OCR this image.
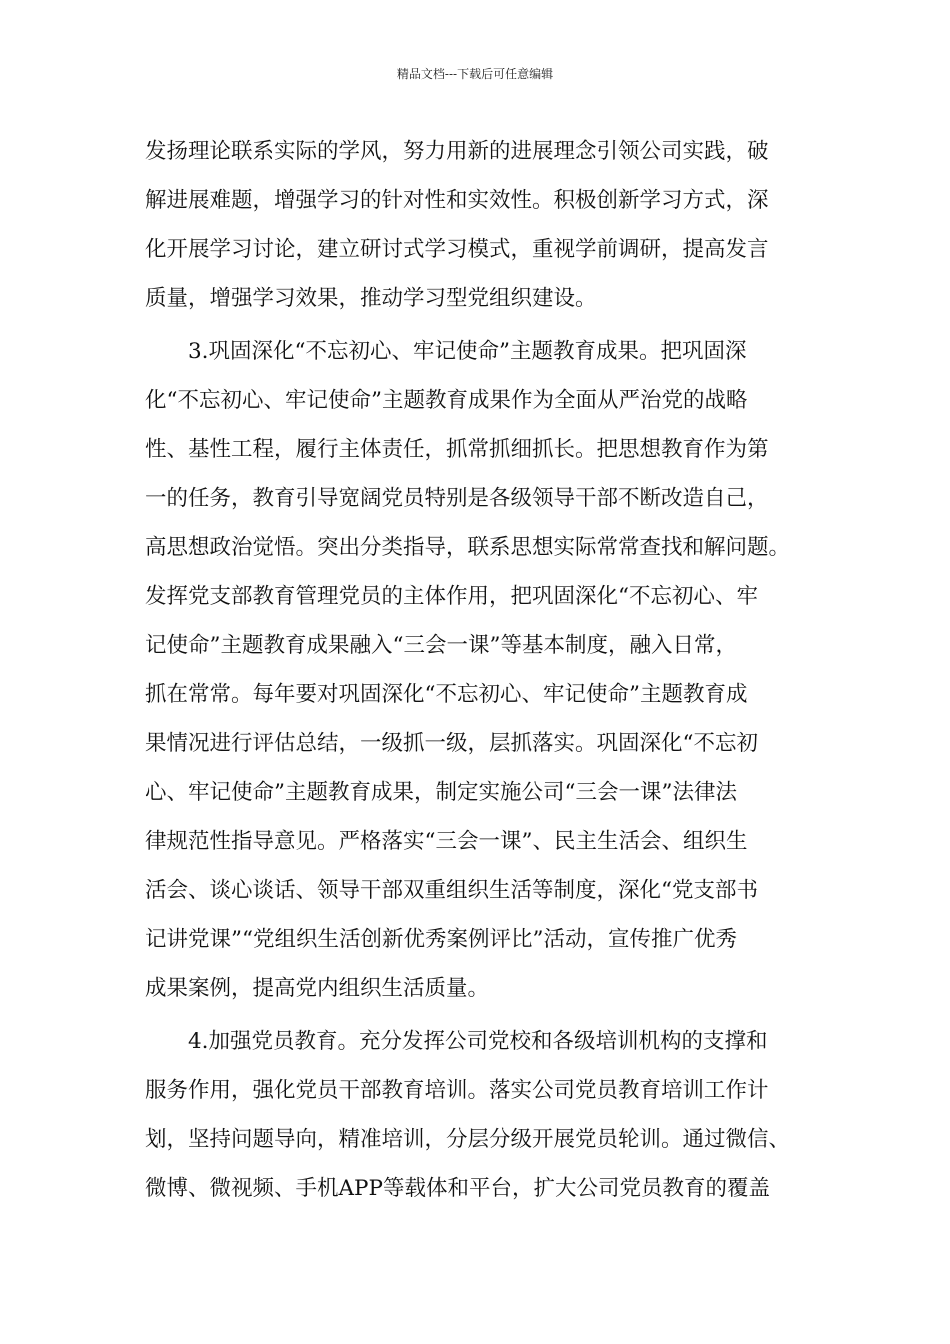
精品文档---下载后可任意编辑
发扬理论联系实际的学风，努力用新的进展理念引领公司实践，破
解进展难题，增强学习的针对性和实效性。积极创新学习方式，深
化开展学习讨论，建立研讨式学习模式，重视学前调研，提高发言
质量，增强学习效果，推动学习型党组织建设。
3.巩固深化“不忘初心、牢记使命”主题教育成果。把巩固深
化“不忘初心、牢记使命”主题教育成果作为全面从严治党的战略
性、基性工程，履行主体责任，抓常抓细抓长。把思想教育作为第
一的任务，教育引导宽阔党员特别是各级领导干部不断改造自己，
高思想政治觉悟。突出分类指导，联系思想实际常常查找和解问题。
发挥党支部教育管理党员的主体作用，把巩固深化“不忘初心、牢
记使命”主题教育成果融入“三会一课”等基本制度，融入日常，
抓在常常。每年要对巩固深化“不忘初心、牢记使命”主题教育成
果情况进行评估总结，一级抓一级，层抓落实。巩固深化“不忘初
心、牢记使命”主题教育成果，制定实施公司“三会一课”法律法
律规范性指导意见。严格落实“三会一课”、民主生活会、组织生
活会、谈心谈话、领导干部双重组织生活等制度，深化“党支部书
记讲党课”“党组织生活创新优秀案例评比”活动，宣传推广优秀
成果案例，提高党内组织生活质量。
4.加强党员教育。充分发挥公司党校和各级培训机构的支撑和
服务作用，强化党员干部教育培训。落实公司党员教育培训工作计
划，坚持问题导向，精准培训，分层分级开展党员轮训。通过微信、
微博、微视频、手机APP等载体和平台，扩大公司党员教育的覆盖
